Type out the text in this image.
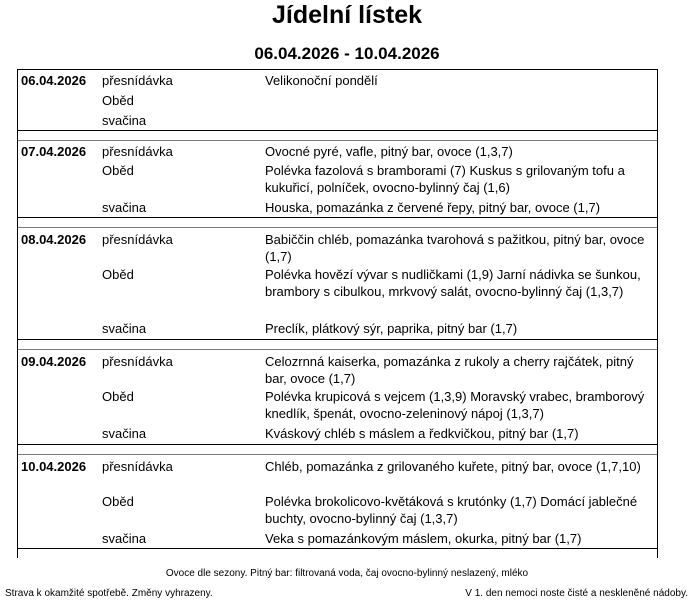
Jídelní lístek
06.04.2026 - 10.04.2026
06.04.2026 přesnídávka	Velikonoční pondělí
Oběd
svačina
07.04.2026 přesnídávka	Ovocné pyré, vafle, pitný bar, ovoce (1,3,7)
Oběd	Polévka fazolová s bramborami (7) Kuskus s grilovaným tofu a kukuřicí, polníček, ovocno-bylinný čaj (1,6)
svačina	Houska, pomazánka z červené řepy, pitný bar, ovoce (1,7)
08.04.2026 přesnídávka	Babiččin chléb, pomazánka tvarohová s pažitkou, pitný bar, ovoce (1,7)
Oběd	Polévka hovězí vývar s nudličkami (1,9) Jarní nádivka se šunkou, brambory s cibulkou, mrkvový salát, ovocno-bylinný čaj (1,3,7)
svačina	Preclík, plátkový sýr, paprika, pitný bar (1,7)
09.04.2026 přesnídávka	Celozrnná kaiserka, pomazánka z rukoly a cherry rajčátek, pitný bar, ovoce (1,7)
Oběd	Polévka krupicová s vejcem (1,3,9) Moravský vrabec, bramborový knedlík, špenát, ovocno-zeleninový nápoj (1,3,7)
svačina	Kváskový chléb s máslem a ředkvičkou, pitný bar (1,7)
10.04.2026 přesnídávka	Chléb, pomazánka z grilovaného kuřete, pitný bar, ovoce (1,7,10)
Oběd	Polévka brokolicovo-květáková s krutónky (1,7) Domácí jablečné buchty, ovocno-bylinný čaj (1,3,7)
svačina	Veka s pomazánkovým máslem, okurka, pitný bar (1,7)
Ovoce dle sezony. Pitný bar: filtrovaná voda, čaj ovocno-bylinný neslazený, mléko
Strava k okamžité spotřebě. Změny vyhrazeny.	V 1. den nemoci noste čisté a neskleněné nádoby.
